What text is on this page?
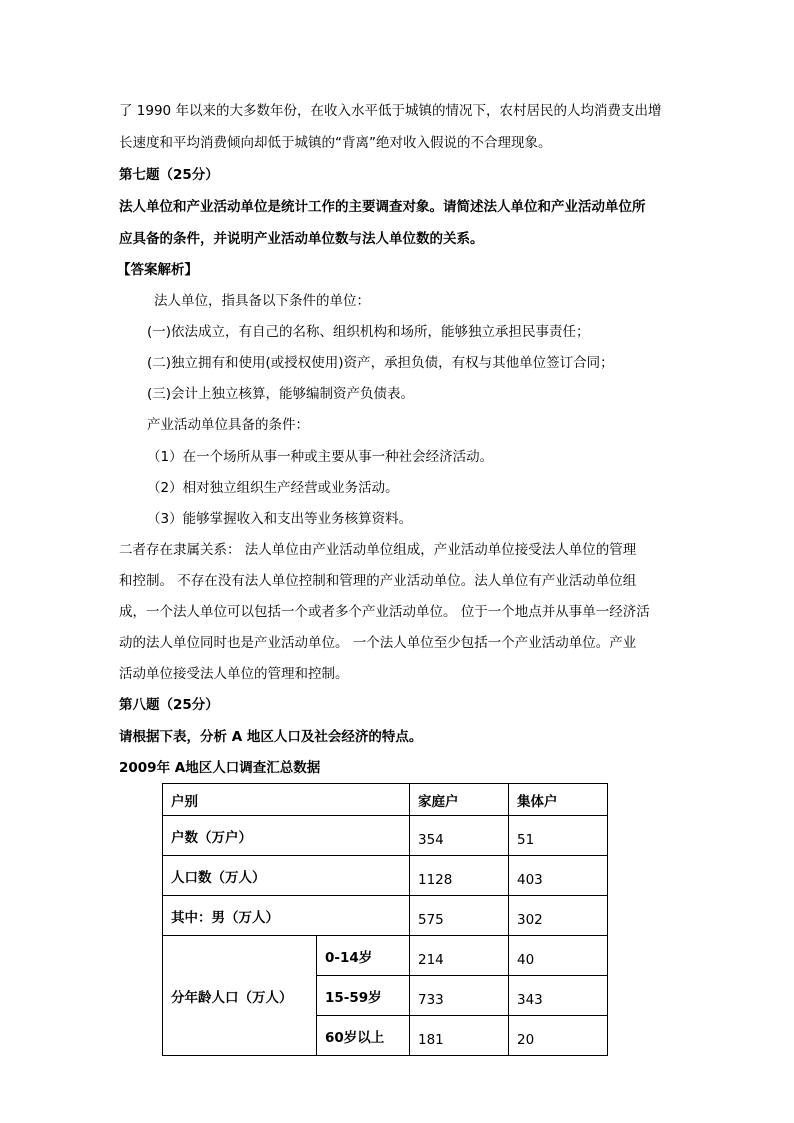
了 1990 年以来的大多数年份，在收入水平低于城镇的情况下，农村居民的人均消费支出增
长速度和平均消费倾向却低于城镇的“背离”绝对收入假说的不合理现象。
第七题（25分）
法人单位和产业活动单位是统计工作的主要调查对象。请简述法人单位和产业活动单位所
应具备的条件，并说明产业活动单位数与法人单位数的关系。
【答案解析】
法人单位，指具备以下条件的单位：
(一)依法成立，有自己的名称、组织机构和场所，能够独立承担民事责任；
(二)独立拥有和使用(或授权使用)资产，承担负债，有权与其他单位签订合同；
(三)会计上独立核算，能够编制资产负债表。
产业活动单位具备的条件：
（1）在一个场所从事一种或主要从事一种社会经济活动。
（2）相对独立组织生产经营或业务活动。
（3）能够掌握收入和支出等业务核算资料。
二者存在隶属关系： 法人单位由产业活动单位组成，产业活动单位接受法人单位的管理
和控制。 不存在没有法人单位控制和管理的产业活动单位。法人单位有产业活动单位组
成，一个法人单位可以包括一个或者多个产业活动单位。 位于一个地点并从事单一经济活
动的法人单位同时也是产业活动单位。 一个法人单位至少包括一个产业活动单位。产业
活动单位接受法人单位的管理和控制。
第八题（25分）
请根据下表，分析 A 地区人口及社会经济的特点。
2009年 A地区人口调查汇总数据
户别		家庭户	集体户
户数（万户）		354	51
人口数（万人）		1128	403
其中：男（万人）		575	302
分年龄人口（万人）	0-14岁	214	40
	15-59岁	733	343
	60岁以上	181	20
